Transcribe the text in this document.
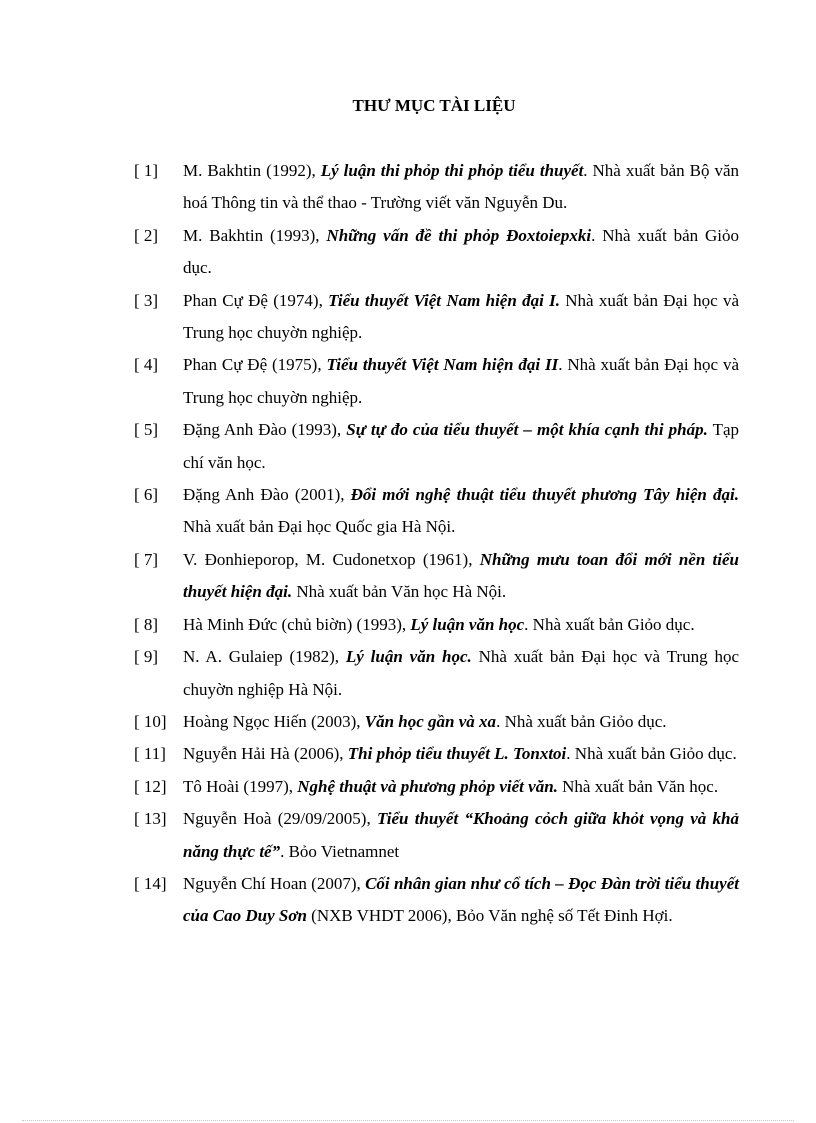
THƯ MỤC TÀI LIỆU
[ 1]	M. Bakhtin (1992), Lý luận thi phỏp thi phỏp tiểu thuyết. Nhà xuất bản Bộ văn hoá Thông tin và thể thao - Trường viết văn Nguyễn Du.
[ 2]	M. Bakhtin (1993), Những vấn đề thi phỏp Đoxtoiepxki. Nhà xuất bản Giỏo dục.
[ 3]	Phan Cự Đệ (1974), Tiểu thuyết Việt Nam hiện đại I. Nhà xuất bản Đại học và Trung học chuyờn nghiệp.
[ 4]	Phan Cự Đệ (1975), Tiểu thuyết Việt Nam hiện đại II. Nhà xuất bản Đại học và Trung học chuyờn nghiệp.
[ 5]	Đặng Anh Đào (1993), Sự tự đo của tiểu thuyết – một khía cạnh thi pháp. Tạp chí văn học.
[ 6]	Đặng Anh Đào (2001), Đổi mới nghệ thuật tiểu thuyết phương Tây hiện đại. Nhà xuất bản Đại học Quốc gia Hà Nội.
[ 7]	V. Đonhieporop, M. Cudonetxop (1961), Những mưu toan đổi mới nền tiểu thuyết hiện đại. Nhà xuất bản Văn học Hà Nội.
[ 8]	Hà Minh Đức (chủ biờn) (1993), Lý luận văn học. Nhà xuất bản Giỏo dục.
[ 9]	N. A. Gulaiep (1982), Lý luận văn học. Nhà xuất bản Đại học và Trung học chuyờn nghiệp Hà Nội.
[ 10] Hoàng Ngọc Hiến (2003), Văn học gần và xa. Nhà xuất bản Giỏo dục.
[ 11]	Nguyễn Hải Hà (2006), Thi phỏp tiểu thuyết L. Tonxtoi. Nhà xuất bản Giỏo dục.
[ 12] Tô Hoài (1997), Nghệ thuật và phương phỏp viết văn. Nhà xuất bản Văn học.
[ 13] Nguyễn Hoà (29/09/2005), Tiểu thuyết “Khoảng cỏch giữa khỏt vọng và khả năng thực tế”. Bỏo Vietnamnet
[ 14] Nguyễn Chí Hoan (2007), Cối nhân gian như cổ tích – Đọc Đàn trời tiểu thuyết của Cao Duy Sơn (NXB VHDT 2006), Bỏo Văn nghệ số Tết Đinh Hợi.
